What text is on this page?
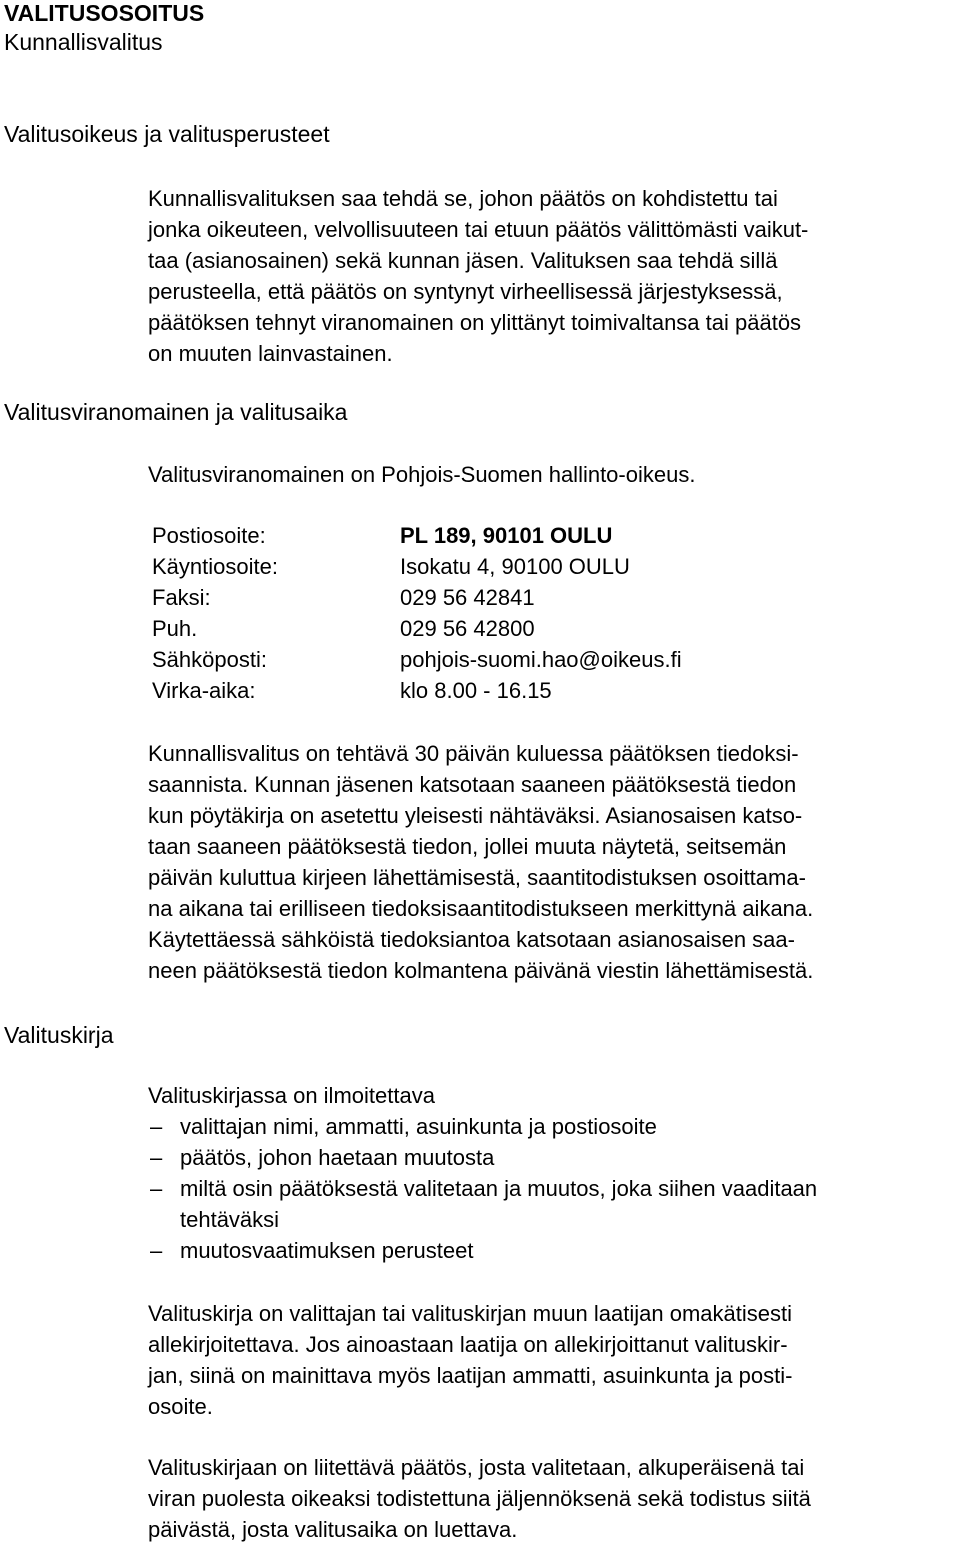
VALITUSOSOITUS
Kunnallisvalitus
Valitusoikeus ja valitusperusteet
Kunnallisvalituksen saa tehdä se, johon päätös on kohdistettu tai
jonka oikeuteen, velvollisuuteen tai etuun päätös välittömästi vaikut-
taa (asianosainen) sekä kunnan jäsen. Valituksen saa tehdä sillä
perusteella, että päätös on syntynyt virheellisessä järjestyksessä,
päätöksen tehnyt viranomainen on ylittänyt toimivaltansa tai päätös
on muuten lainvastainen.
Valitusviranomainen ja valitusaika
Valitusviranomainen on Pohjois-Suomen hallinto-oikeus.
Postiosoite:	PL 189, 90101 OULU
Käyntiosoite:	Isokatu 4, 90100 OULU
Faksi:	029 56 42841
Puh.	029 56 42800
Sähköposti:	pohjois-suomi.hao@oikeus.fi
Virka-aika:	klo 8.00 - 16.15
Kunnallisvalitus on tehtävä 30 päivän kuluessa päätöksen tiedoksi-
saannista. Kunnan jäsenen katsotaan saaneen päätöksestä tiedon
kun pöytäkirja on asetettu yleisesti nähtäväksi. Asianosaisen katso-
taan saaneen päätöksestä tiedon, jollei muuta näytetä, seitsemän
päivän kuluttua kirjeen lähettämisestä, saantitodistuksen osoittama-
na aikana tai erilliseen tiedoksisaantitodistukseen merkittynä aikana.
Käytettäessä sähköistä tiedoksiantoa katsotaan asianosaisen saa-
neen päätöksestä tiedon kolmantena päivänä viestin lähettämisestä.
Valituskirja
Valituskirjassa on ilmoitettava
– valittajan nimi, ammatti, asuinkunta ja postiosoite
– päätös, johon haetaan muutosta
– miltä osin päätöksestä valitetaan ja muutos, joka siihen vaaditaan
tehtäväksi
– muutosvaatimuksen perusteet
Valituskirja on valittajan tai valituskirjan muun laatijan omakätisesti
allekirjoitettava. Jos ainoastaan laatija on allekirjoittanut valituskir-
jan, siinä on mainittava myös laatijan ammatti, asuinkunta ja posti-
osoite.
Valituskirjaan on liitettävä päätös, josta valitetaan, alkuperäisenä tai
viran puolesta oikeaksi todistettuna jäljennöksenä sekä todistus siitä
päivästä, josta valitusaika on luettava.
